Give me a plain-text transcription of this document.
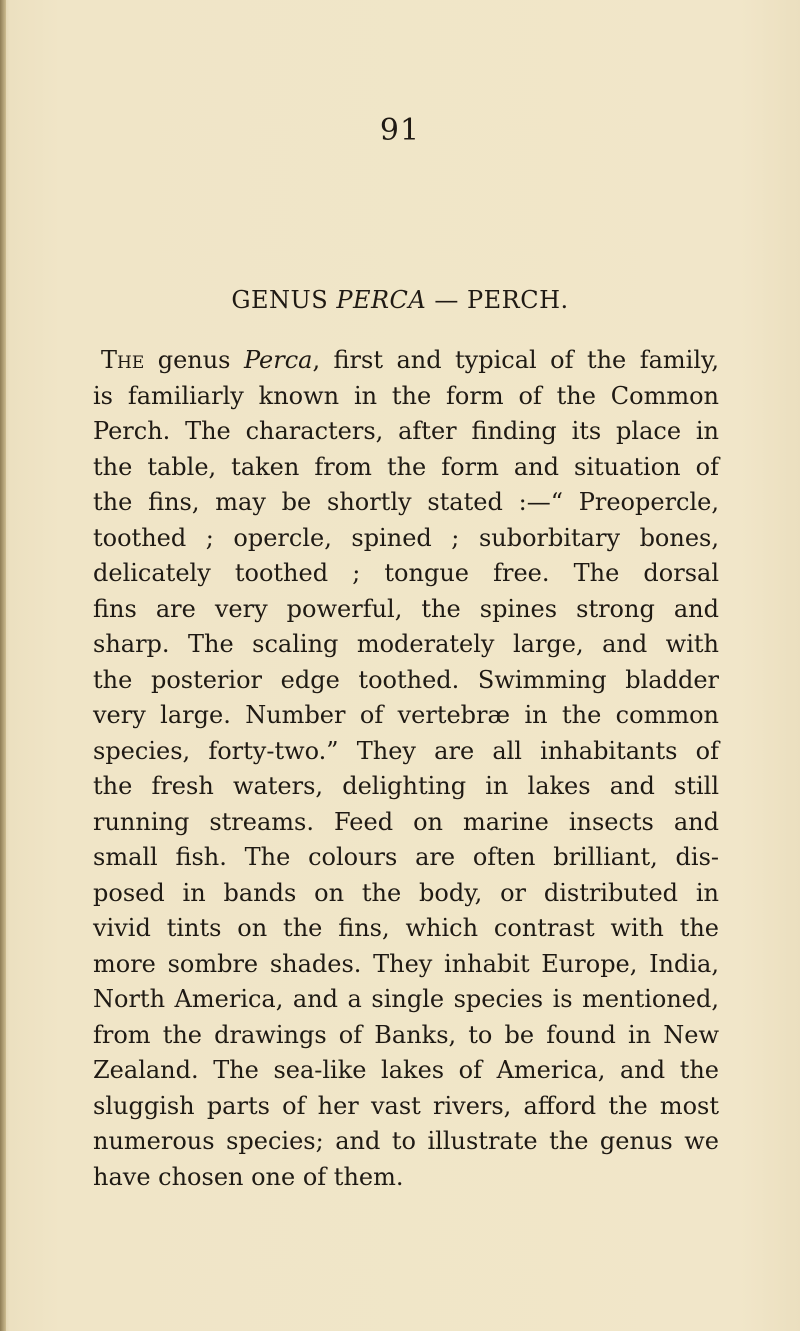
91
GENUS PERCA — PERCH.
The genus Perca, first and typical of the family,
is familiarly known in the form of the Common
Perch. The characters, after finding its place in
the table, taken from the form and situation of
the fins, may be shortly stated :—“ Preopercle,
toothed ; opercle, spined ; suborbitary bones,
delicately toothed ; tongue free. The dorsal
fins are very powerful, the spines strong and
sharp. The scaling moderately large, and with
the posterior edge toothed. Swimming bladder
very large. Number of vertebræ in the common
species, forty-two.” They are all inhabitants of
the fresh waters, delighting in lakes and still
running streams. Feed on marine insects and
small fish. The colours are often brilliant, dis-
posed in bands on the body, or distributed in
vivid tints on the fins, which contrast with the
more sombre shades. They inhabit Europe, India,
North America, and a single species is mentioned,
from the drawings of Banks, to be found in New
Zealand. The sea-like lakes of America, and the
sluggish parts of her vast rivers, afford the most
numerous species; and to illustrate the genus we
have chosen one of them.
